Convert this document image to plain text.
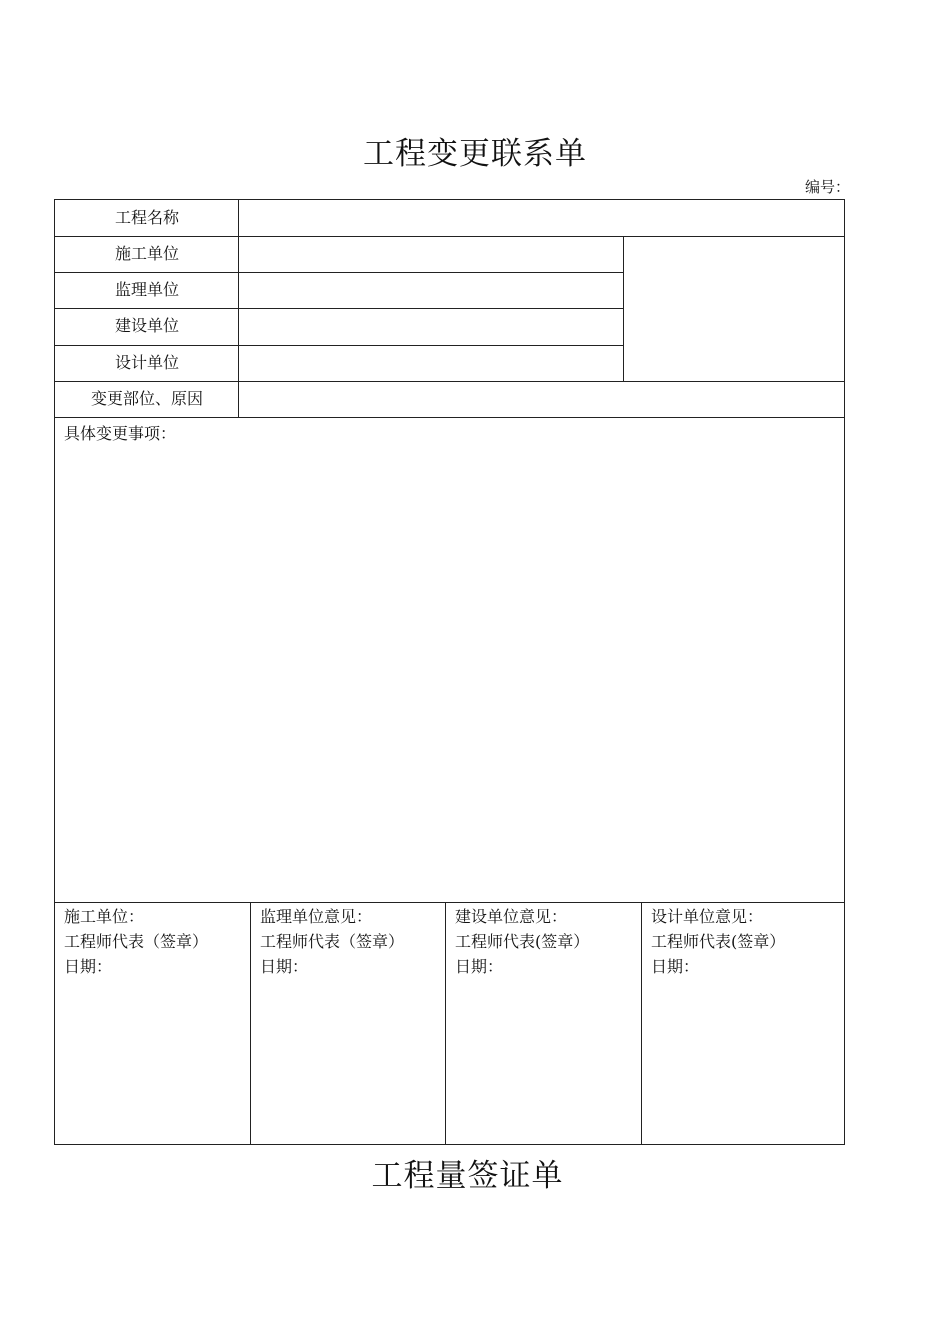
工程变更联系单
编号：
工程名称
施工单位
监理单位
建设单位
设计单位
变更部位、原因
具体变更事项：
施工单位：
工程师代表（签章）
日期：
监理单位意见：
工程师代表（签章）
日期：
建设单位意见：
工程师代表(签章）
日期：
设计单位意见：
工程师代表(签章）
日期：
工程量签证单
